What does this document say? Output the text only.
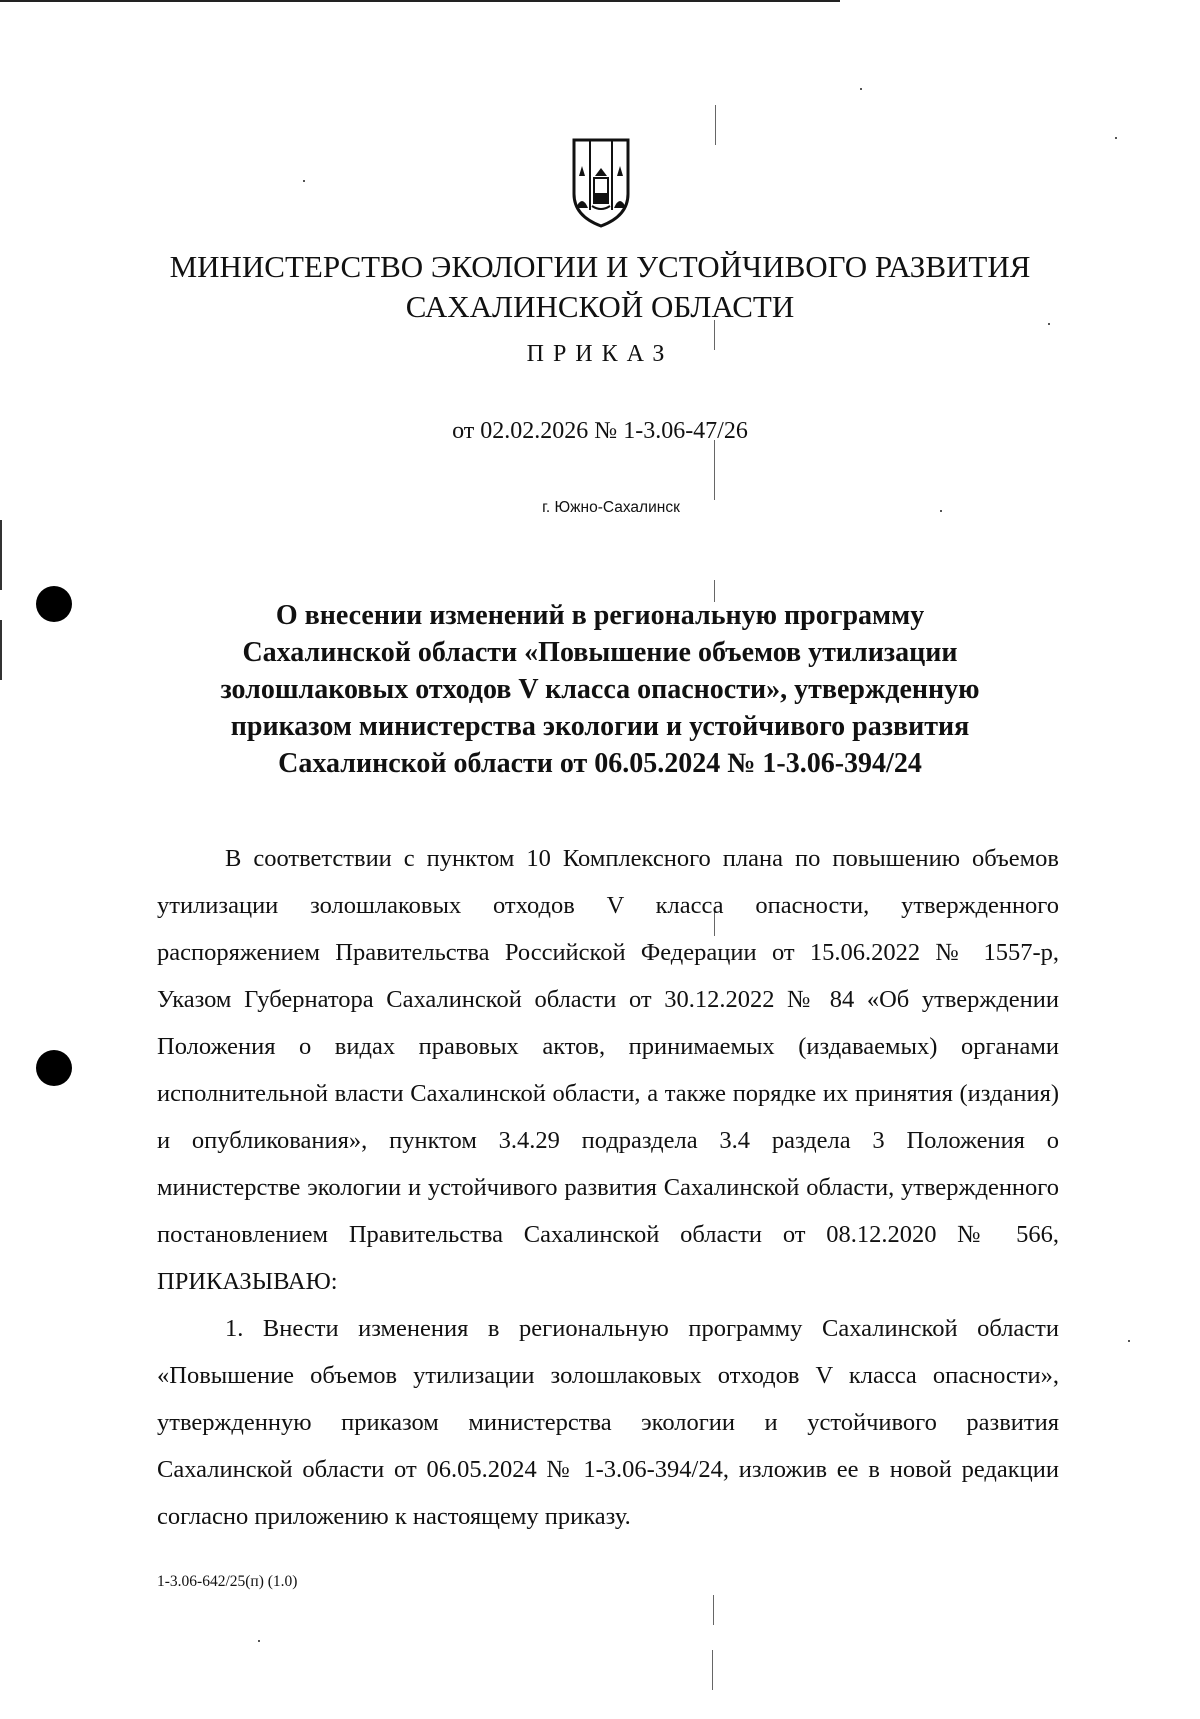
МИНИСТЕРСТВО ЭКОЛОГИИ И УСТОЙЧИВОГО РАЗВИТИЯ
САХАЛИНСКОЙ ОБЛАСТИ
ПРИКАЗ
от 02.02.2026 № 1-3.06-47/26
г. Южно-Сахалинск
О внесении изменений в региональную программу
Сахалинской области «Повышение объемов утилизации
золошлаковых отходов V класса опасности», утвержденную
приказом министерства экологии и устойчивого развития
Сахалинской области от 06.05.2024 № 1-3.06-394/24

В соответствии с пунктом 10 Комплексного плана по повышению объемов утилизации золошлаковых отходов V класса опасности, утвержденного распоряжением Правительства Российской Федерации от 15.06.2022 № 1557-р, Указом Губернатора Сахалинской области от 30.12.2022 № 84 «Об утверждении Положения о видах правовых актов, принимаемых (издаваемых) органами исполнительной власти Сахалинской области, а также порядке их принятия (издания) и опубликования», пунктом 3.4.29 подраздела 3.4 раздела 3 Положения о министерстве экологии и устойчивого развития Сахалинской области, утвержденного постановлением Правительства Сахалинской области от 08.12.2020 № 566, ПРИКАЗЫВАЮ:

1. Внести изменения в региональную программу Сахалинской области «Повышение объемов утилизации золошлаковых отходов V класса опасности», утвержденную приказом министерства экологии и устойчивого развития Сахалинской области от 06.05.2024 № 1-3.06-394/24, изложив ее в новой редакции согласно приложению к настоящему приказу.

1-3.06-642/25(п) (1.0)
